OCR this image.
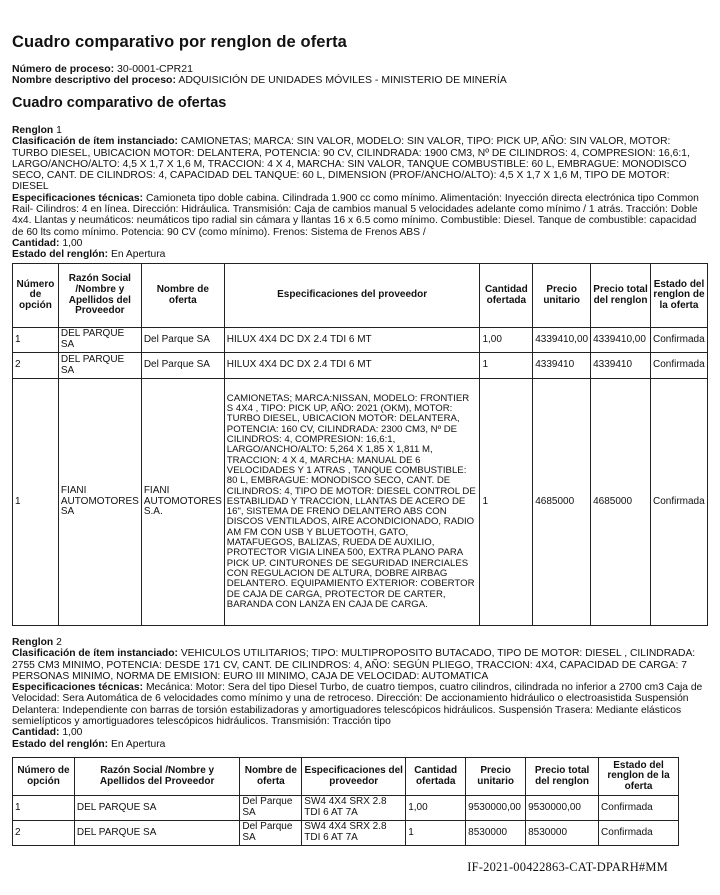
Cuadro comparativo por renglon de oferta
Número de proceso: 30-0001-CPR21
Nombre descriptivo del proceso: ADQUISICIÓN DE UNIDADES MÓVILES - MINISTERIO DE MINERÍA
Cuadro comparativo de ofertas

Renglon 1

Clasificación de ítem instanciado: CAMIONETAS; MARCA: SIN VALOR, MODELO: SIN VALOR, TIPO: PICK UP, AÑO: SIN VALOR, MOTOR: TURBO DIESEL, UBICACION MOTOR: DELANTERA, POTENCIA: 90 CV, CILINDRADA: 1900 CM3, Nº DE CILINDROS: 4, COMPRESION: 16,6:1, LARGO/ANCHO/ALTO: 4,5 X 1,7 X 1,6 M, TRACCION: 4 X 4, MARCHA: SIN VALOR, TANQUE COMBUSTIBLE: 60 L, EMBRAGUE: MONODISCO SECO, CANT. DE CILINDROS: 4, CAPACIDAD DEL TANQUE: 60 L, DIMENSION (PROF/ANCHO/ALTO): 4,5 X 1,7 X 1,6 M, TIPO DE MOTOR: DIESEL

Especificaciones técnicas: Camioneta tipo doble cabina. Cilindrada 1.900 cc como mínimo. Alimentación: Inyección directa electrónica tipo Common Rail- Cilindros: 4 en línea. Dirección: Hidráulica. Transmisión: Caja de cambios manual 5 velocidades adelante como mínimo / 1 atrás. Tracción: Doble 4x4. Llantas y neumáticos: neumáticos tipo radial sin cámara y llantas 16 x 6.5 como mínimo. Combustible: Diesel. Tanque de combustible: capacidad de 60 lts como mínimo. Potencia: 90 CV (como mínimo). Frenos: Sistema de Frenos ABS /

Cantidad: 1,00

Estado del renglón: En Apertura

Número de opción	Razón Social /Nombre y Apellidos del Proveedor	Nombre de oferta	Especificaciones del proveedor	Cantidad ofertada	Precio unitario	Precio total del renglon	Estado del renglon de la oferta
1	DEL PARQUE SA	Del Parque SA	HILUX 4X4 DC DX 2.4 TDI 6 MT	1,00	4339410,00	4339410,00	Confirmada
2	DEL PARQUE SA	Del Parque SA	HILUX 4X4 DC DX 2.4 TDI 6 MT	1	4339410	4339410	Confirmada
1	FIANI AUTOMOTORES SA	FIANI AUTOMOTORES S.A.	CAMIONETAS; MARCA:NISSAN, MODELO: FRONTIER S 4X4 , TIPO: PICK UP, AÑO: 2021 (OKM), MOTOR: TURBO DIESEL, UBICACION MOTOR: DELANTERA, POTENCIA: 160 CV, CILINDRADA: 2300 CM3, Nº DE CILINDROS: 4, COMPRESION: 16,6:1, LARGO/ANCHO/ALTO: 5,264 X 1,85 X 1,811 M, TRACCION: 4 X 4, MARCHA: MANUAL DE 6 VELOCIDADES Y 1 ATRAS , TANQUE COMBUSTIBLE: 80 L, EMBRAGUE: MONODISCO SECO, CANT. DE CILINDROS: 4, TIPO DE MOTOR: DIESEL CONTROL DE ESTABILIDAD Y TRACCION, LLANTAS DE ACERO DE 16", SISTEMA DE FRENO DELANTERO ABS CON DISCOS VENTILADOS, AIRE ACONDICIONADO, RADIO AM FM CON USB Y BLUETOOTH, GATO, MATAFUEGOS, BALIZAS, RUEDA DE AUXILIO, PROTECTOR VIGIA LINEA 500, EXTRA PLANO PARA PICK UP. CINTURONES DE SEGURIDAD INERCIALES CON REGULACION DE ALTURA, DOBRE AIRBAG DELANTERO. EQUIPAMIENTO EXTERIOR: COBERTOR DE CAJA DE CARGA, PROTECTOR DE CARTER, BARANDA CON LANZA EN CAJA DE CARGA.	1	4685000	4685000	Confirmada

Renglon 2

Clasificación de ítem instanciado: VEHICULOS UTILITARIOS; TIPO: MULTIPROPOSITO BUTACADO, TIPO DE MOTOR: DIESEL , CILINDRADA: 2755 CM3 MINIMO, POTENCIA: DESDE 171 CV, CANT. DE CILINDROS: 4, AÑO: SEGÚN PLIEGO, TRACCION: 4X4, CAPACIDAD DE CARGA: 7 PERSONAS MINIMO, NORMA DE EMISION: EURO III MINIMO, CAJA DE VELOCIDAD: AUTOMATICA

Especificaciones técnicas: Mecánica: Motor: Sera del tipo Diesel Turbo, de cuatro tiempos, cuatro cilindros, cilindrada no inferior a 2700 cm3 Caja de Velocidad: Sera Automática de 6 velocidades como mínimo y una de retroceso. Dirección: De accionamiento hidráulico o electroasistida Suspensión Delantera: Independiente con barras de torsión estabilizadoras y amortiguadores telescópicos hidráulicos. Suspensión Trasera: Mediante elásticos semielípticos y amortiguadores telescópicos hidráulicos. Transmisión: Tracción tipo

Cantidad: 1,00

Estado del renglón: En Apertura

Número de opción	Razón Social /Nombre y Apellidos del Proveedor	Nombre de oferta	Especificaciones del proveedor	Cantidad ofertada	Precio unitario	Precio total del renglon	Estado del renglon de la oferta
1	DEL PARQUE SA	Del Parque SA	SW4 4X4 SRX 2.8 TDI 6 AT 7A	1,00	9530000,00	9530000,00	Confirmada
2	DEL PARQUE SA	Del Parque SA	SW4 4X4 SRX 2.8 TDI 6 AT 7A	1	8530000	8530000	Confirmada
IF-2021-00422863-CAT-DPARH#MM
